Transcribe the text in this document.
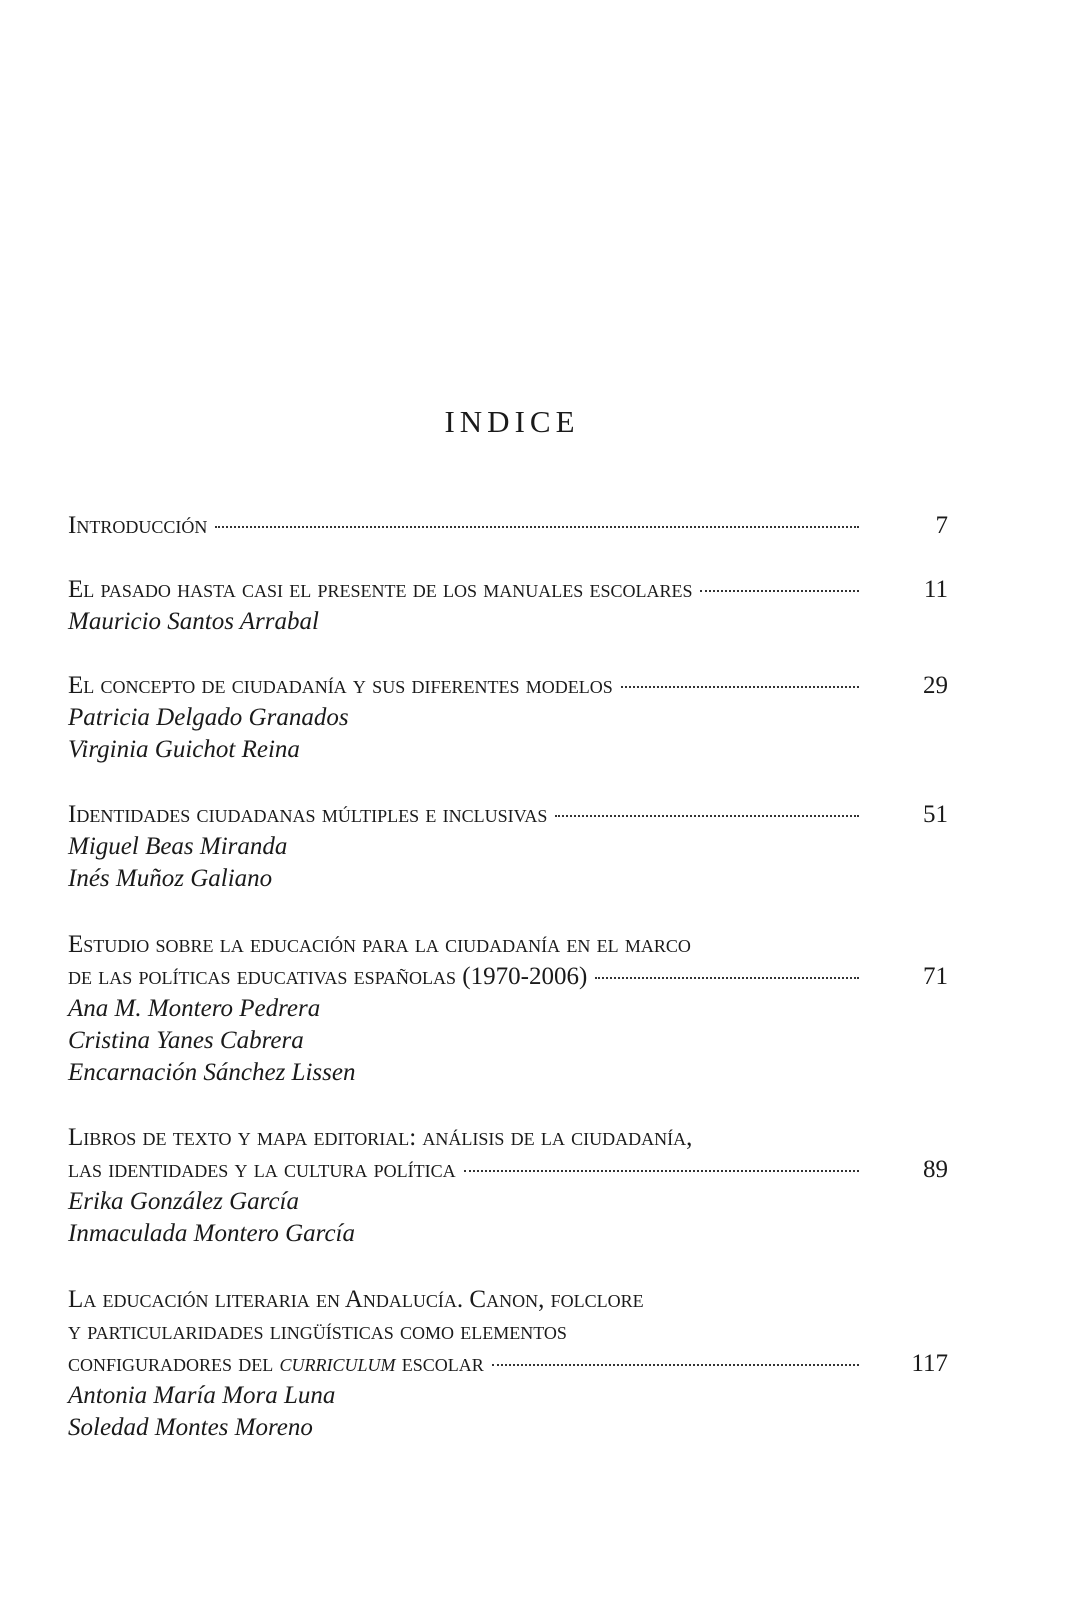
INDICE
Introducción	7
El pasado hasta casi el presente de los manuales escolares	11
Mauricio Santos Arrabal
El concepto de ciudadanía y sus diferentes modelos	29
Patricia Delgado Granados
Virginia Guichot Reina
Identidades ciudadanas múltiples e inclusivas	51
Miguel Beas Miranda
Inés Muñoz Galiano
Estudio sobre la educación para la ciudadanía en el marco
de las políticas educativas españolas (1970-2006)	71
Ana M. Montero Pedrera
Cristina Yanes Cabrera
Encarnación Sánchez Lissen
Libros de texto y mapa editorial: análisis de la ciudadanía,
las identidades y la cultura política	89
Erika González García
Inmaculada Montero García
La educación literaria en Andalucía. Canon, folclore
y particularidades lingüísticas como elementos
configuradores del curriculum escolar	117
Antonia María Mora Luna
Soledad Montes Moreno
